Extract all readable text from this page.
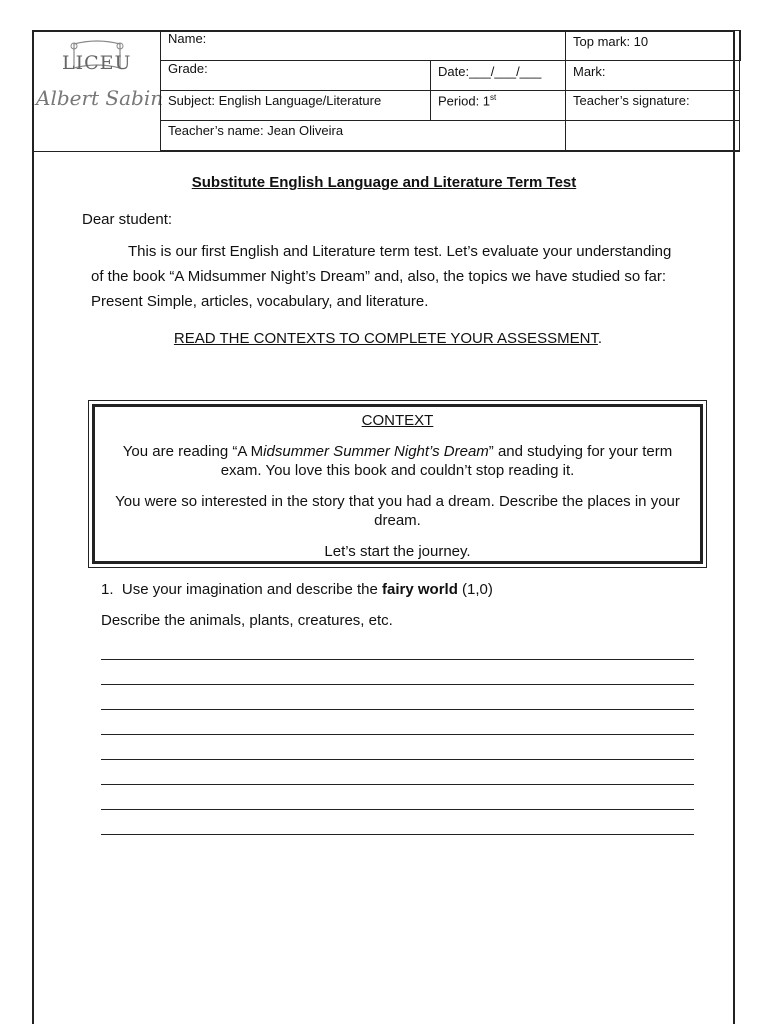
LICEU
Albert Sabin
Name:		Top mark: 10
Grade:	Date:___/___/___	Mark:
Subject: English Language/Literature	Period: 1st	Teacher’s signature:
Teacher’s name: Jean Oliveira		
Substitute English Language and Literature Term Test
Dear student:
This is our first English and Literature term test. Let’s evaluate your understanding
of the book “A Midsummer Night’s Dream” and, also, the topics we have studied so far:
Present Simple, articles, vocabulary, and literature.
READ THE CONTEXTS TO COMPLETE YOUR ASSESSMENT.

CONTEXT

You are reading “A Midsummer Summer Night’s Dream” and studying for your term exam. You love this book and couldn’t stop reading it.

You were so interested in the story that you had a dream. Describe the places in your dream.

Let’s start the journey.

1. Use your imagination and describe the fairy world (1,0)
Describe the animals, plants, creatures, etc.
